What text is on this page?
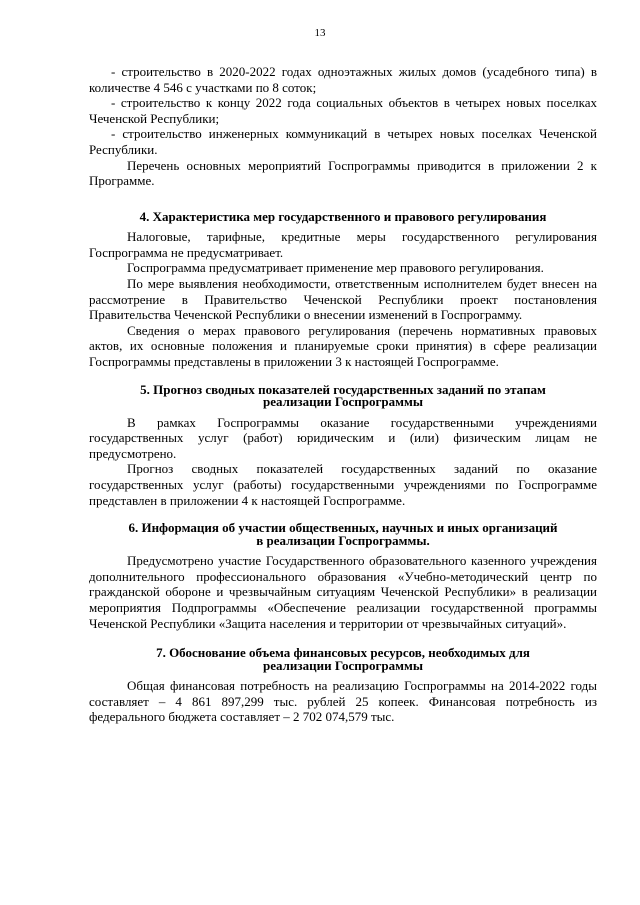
13

- строительство в 2020-2022 годах одноэтажных жилых домов (усадебного типа) в количестве 4 546 с участками по 8 соток;

- строительство к концу 2022 года социальных объектов в четырех новых поселках Чеченской Республики;

- строительство инженерных коммуникаций в четырех новых поселках Чеченской Республики.

Перечень основных мероприятий Госпрограммы приводится в приложении 2 к Программе.

4. Характеристика мер государственного и правового регулирования

Налоговые, тарифные, кредитные меры государственного регулирования Госпрограмма не предусматривает.

Госпрограмма предусматривает применение мер правового регулирования.

По мере выявления необходимости, ответственным исполнителем будет внесен на рассмотрение в Правительство Чеченской Республики проект постановления Правительства Чеченской Республики о внесении изменений в Госпрограмму.

Сведения о мерах правового регулирования (перечень нормативных правовых актов, их основные положения и планируемые сроки принятия) в сфере реализации Госпрограммы представлены в приложении 3 к настоящей Госпрограмме.

5. Прогноз сводных показателей государственных заданий по этапам

реализации Госпрограммы

В рамках Госпрограммы оказание государственными учреждениями государственных услуг (работ) юридическим и (или) физическим лицам не предусмотрено.

Прогноз сводных показателей государственных заданий по оказание государственных услуг (работы) государственными учреждениями по Госпрограмме представлен в приложении 4 к настоящей Госпрограмме.

6. Информация об участии общественных, научных и иных организаций

в реализации Госпрограммы.

Предусмотрено участие Государственного образовательного казенного учреждения дополнительного профессионального образования «Учебно-методический центр по гражданской обороне и чрезвычайным ситуациям Чеченской Республики» в реализации мероприятия Подпрограммы «Обеспечение реализации государственной программы Чеченской Республики «Защита населения и территории от чрезвычайных ситуаций».

7. Обоснование объема финансовых ресурсов, необходимых для

реализации Госпрограммы

Общая финансовая потребность на реализацию Госпрограммы на 2014-2022 годы составляет – 4 861 897,299 тыс. рублей 25 копеек. Финансовая потребность из федерального бюджета составляет – 2 702 074,579 тыс.
